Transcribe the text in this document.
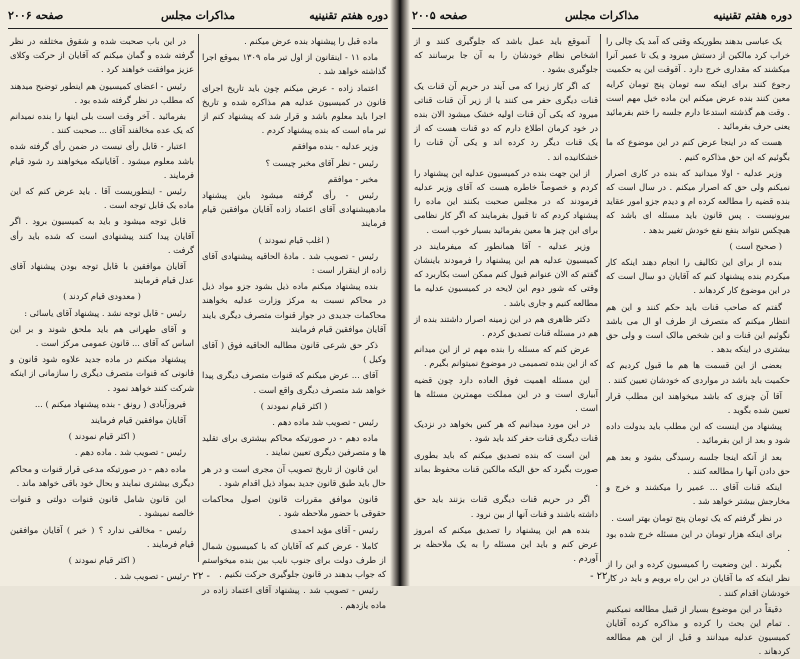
دوره هفتم تقنینیه
مذاکرات مجلس
صفحه ۲۰۰۶

ماده قبل را پیشنهاد بنده عرض میکنم .

ماده ۱۱ - اینقانون از اول تیر ماه ۱۳۰۹ بموقع اجرا گذاشته خواهد شد .

اعتماد زاده - عرض میکنم چون باید تاریخ اجرای قانون در کمیسیون عدلیه هم مذاکره شده و تاریخ اجرا باید معلوم باشد و قرار شد که پیشنهاد کنم از تیر ماه است که بنده پیشنهاد کردم .

وزیر عدلیه - بنده موافقم

رئیس - نظر آقای مخبر چیست ؟

مخبر - موافقم

رئیس - رأی گرفته میشود باین پیشنهاد مادهپیشنهادی آقای اعتماد زاده آقایان موافقین قیام فرمایند

( اغلب قیام نمودند )

رئیس - تصویب شد . مادهٔ الحاقیه پیشنهادی آقای زاده از اینقرار است :

بنده پیشنهاد میکنم ماده ذیل بشود جزو مواد ذیل در محاکم نسبت به مرکز وزارت عدلیه بخواهند محاکمات جدیدی در جوار قنوات متصرف دیگری بایند آقایان موافقین قیام فرمایند

ذکر حق شرعی قانون مطالبه الحاقیه فوق ( آقای وکیل )

آقای ... عرض میکنم که قنوات متصرف دیگری پیدا خواهد شد متصرف دیگری واقع است .

( اکثر قیام نمودند )

رئیس - تصویب شد ماده دهم .

ماده دهم - در صورتیکه محاکم بیشتری برای تقلید ها و متصرفین دیگری تعیین نمایند .

این قانون از تاریخ تصویب آن مجری است و در هر حال باید طبق قانون جدید بمواد ذیل اقدام شود .

قانون موافق مقررات قانون اصول محاکمات حقوقی با حضور ملاحظه شود .

رئیس - آقای مؤید احمدی

کاملا - عرض کنم که آقایان که با کمیسیون شمال از طرف دولت برای جنوب نایب بین بنده میخواستم که جواب بدهند در قانون جلوگیری حرکت نکنیم .

رئیس - تصویب شد . پیشنهاد آقای اعتماد زاده در ماده یازدهم .

در این باب صحبت شده و شقوق مختلفه در نظر گرفته شده و گمان میکنم که آقایان از حرکت وکلای عزیز موافقت خواهند کرد .

رئیس - اعضای کمیسیون هم اینطور توضیح میدهند که مطلب در نظر گرفته شده بود .

بفرمائید . آخر وقت است بلی اینها را بنده نمیدانم که یک عده مخالفند آقای ... صحبت کنند .

اعتبار - قابل رأی نیست در ضمن رأی گرفته شده باشد معلوم میشود . آقایانیکه میخواهند رد شود قیام فرمایند .

رئیس - اینطوریست آقا . باید عرض کنم که این ماده یک قابل توجه است .

قابل توجه میشود و باید به کمیسیون برود . اگر آقایان پیدا کنند پیشنهادی است که شده باید رأی گرفت .

آقایان موافقین با قابل توجه بودن پیشنهاد آقای عدل قیام فرمایند

( معدودی قیام کردند )

رئیس - قابل توجه نشد . پیشنهاد آقای یاسائی :

و آقای طهرانی هم باید ملحق شوند و بر این اساس که آقای ... قانون عمومی مرکز است .

پیشنهاد میکنم در ماده جدید علاوه شود قانون و قانونی که قنوات متصرف دیگری را سازمانی از اینکه شرکت کنند خواهد نمود .

فیروزآبادی ( رونق - بنده پیشنهاد میکنم ) ...

آقایان موافقین قیام فرمایند

( اکثر قیام نمودند )

رئیس - تصویب شد . ماده دهم .

ماده دهم - در صورتیکه مدعی قرار قنوات و محاکم دیگری بیشتری نمایند و بحال خود باقی خواهد ماند .

این قانون شامل قانون قنوات دولتی و قنوات خالصه نمیشود .

رئیس - مخالفی ندارد ؟ ( خیر ) آقایان موافقین قیام فرمایند .

( اکثر قیام نمودند )

رئیس - تصویب شد . - ۲۲ -
دوره هفتم تقنینیه
مذاکرات مجلس
صفحه ۲۰۰۵

یک عباسی بدهند بطوریکه وقتی که آمد یک چالی را خراب کرد مالکین از دستش میرود و یک تا عمیر آنرا میکشند که مقداری خرج دارد . آقوقت این یه حکمیت رجوع کنند برای اینکه سه تومان پنج تومان کرایه معین کنند بنده عرض میکنم این ماده خیل مهم است . وقت هم گذشته استدعا دارم جلسه را ختم بفرمائید یعنی حرف بفرمائید .

هست که در اینجا عرض کنم در این موضوع که ما بگوئیم که این حق مذاکره کنیم .

وزیر عدلیه - اولا میدانید که بنده در کاری اصرار نمیکنم ولی حق که اصرار میکنم . در سال است که بنده قضیه را مطالعه کرده ام و دیدم جزو امور عقاید بیرونیست . پس قانون باید مسئله ای باشد که هیچکس نتواند بنفع نفع خودش تغییر بدهد .

( صحیح است )

بنده از برای این تکالیف را انجام دهند اینکه کار میکردم بنده پیشنهاد کنم که آقایان دو سال است که در این موضوع کار کردهاند .

گفتم که صاحب قنات باید حکم کنند و این هم انتظار میکنم که متصرف از طرف او ال می باشد نگوئیم این قنات و این شخص مالک است و ولی حق بیشتری در اینکه بدهد .

بعضی از این قسمت ها هم ما قبول کردیم که حکمیت باید باشد در مواردی که خودشان تعیین کنند .

آقا آن چیزی که باشد میخواهند این مطلب قرار تعیین شده بگوید .

پیشنهاد من اینست که این مطلب باید بدولت داده شود و بعد از این بفرمائید .

بعد از آنکه اینجا جلسه رسیدگی بشود و بعد هم حق دادن آنها را مطالعه کنند .

اینکه قنات آقای ... عمیر را میکشند و خرج و مخارجش بیشتر خواهد شد .

در نظر گرفتم که یک تومان پنج تومان بهتر است .

برای اینکه هزار تومان در این مسئله خرج شده بود .

بگیرند . این وضعیت را کمیسیون کرده و این را از نظر اینکه که ما آقایان در این راه برویم و باید در کار خودشان اقدام کنند .

دقیقاً در این موضوع بسیار از قبیل مطالعه نمیکنیم . تمام این بحث را کرده و مذاکره کرده آقایان کمیسیون عدلیه میدانند و قبل از این هم مطالعه کردهاند .

آنموقع باید عمل باشد که جلوگیری کنند و از اشخاص نظام خودشان را به آن جا برسانند که جلوگیری بشود .

که اگر کار زیرا که می آیند در حریم آن قنات یک قنات دیگری حفر می کنند یا از زیر آن قنات قناتی میرود که یکی آن قنات اولیه خشک میشود الان بنده در خود کرمان اطلاع دارم که دو قنات هست که از یک قنات دیگر رد کرده اند و یکی آن قنات را خشکانیده اند .

از این جهت بنده در کمیسیون عدلیه این پیشنهاد را کردم و خصوصاً خاطره هست که آقای وزیر عدلیه فرمودند که در مجلس صحبت بکنند این ماده را پیشنهاد کردم که تا قبول بفرمایند که اگر کار نظامی برای این چیز ها معین بفرمائید بسیار خوب است .

وزیر عدلیه - آقا همانطور که میفرمایند در کمیسیون عدلیه هم این پیشنهاد را فرمودند باینشان گفتم که الان عنوانم قبول کنم ممکن است بکاربرد که وقتی که شور دوم این لایحه در کمیسیون عدلیه ما مطالعه کنیم و جاری باشد .

دکتر ظاهری هم در این زمینه اصرار داشتند بنده از هم در مسئله قنات تصدیق کردم .

عرض کنم که مسئله را بنده مهم تر از این میدانم که از این بنده تصمیمی در موضوع نمیتوانم بگیرم .

این مسئله اهمیت فوق العاده دارد چون قضیه آبیاری است و در این مملکت مهمترین مسئله ها است .

در این مورد میدانیم که هر کس بخواهد در نزدیک قنات دیگری قنات حفر کند باید شود .

این است که بنده تصدیق میکنم که باید بطوری صورت بگیرد که حق الیکه مالکین قنات محفوظ بماند .

اگر در حریم قنات دیگری قنات بزنند باید حق داشته باشند و قنات آنها از بین نرود .

بنده هم این پیشنهاد را تصدیق میکنم که امروز عرض کنم و باید این مسئله را به یک ملاحظه بر آوردم .

- ۲۲ -
